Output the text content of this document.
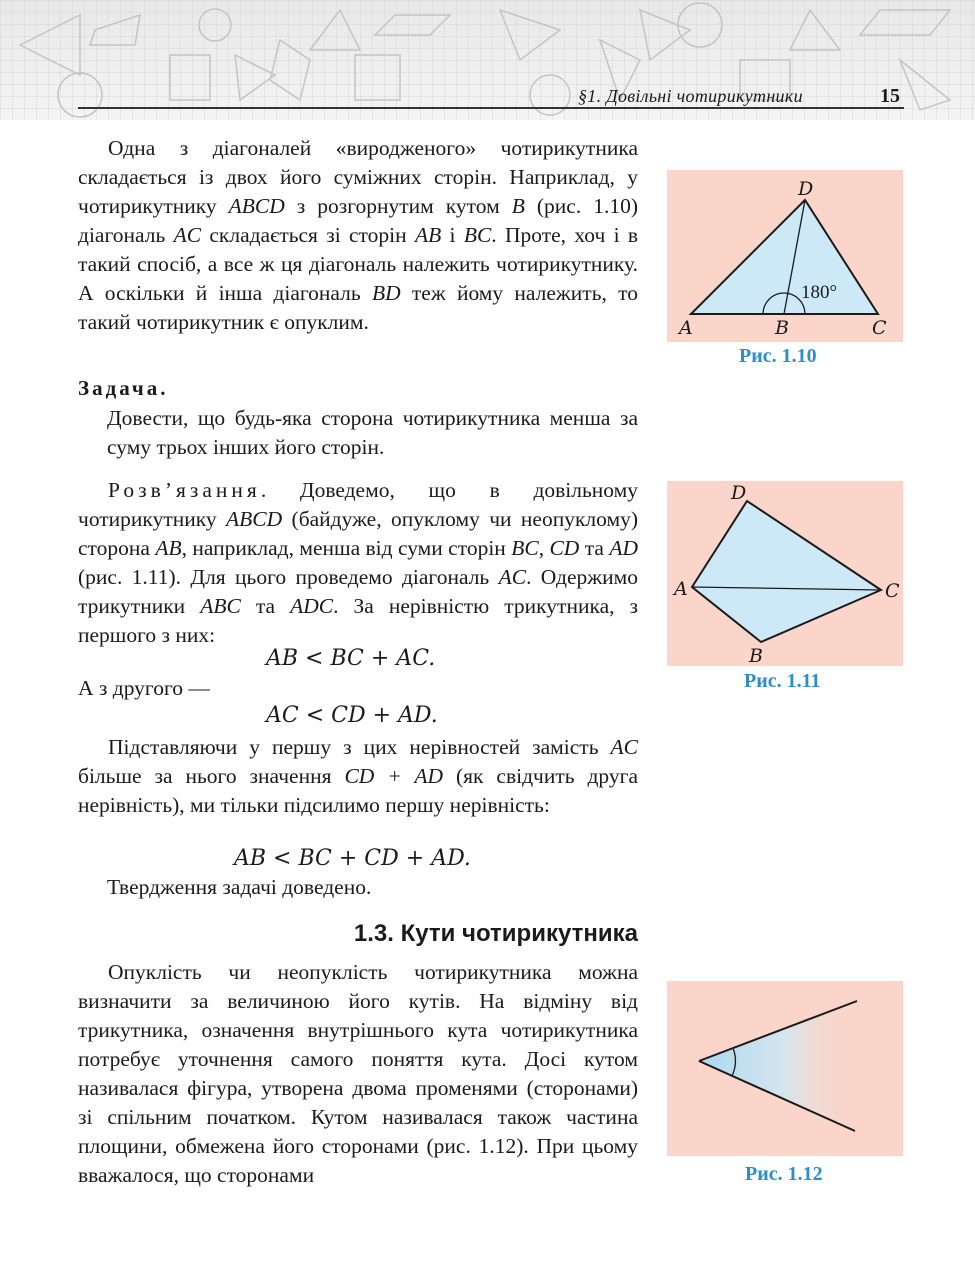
§1. Довільні чотирикутники	15

Одна з діагоналей «виродженого» чотирикутника складається із двох його суміжних сторін. Наприклад, у чотирикутнику ABCD з розгорнутим кутом B (рис. 1.10) діагональ AC складається зі сторін AB і BC. Проте, хоч і в такий спосіб, а все ж ця діагональ належить чотирикутнику. А оскільки й інша діагональ BD теж йому належить, то такий чотирикутник є опуклим.

Задача.
Довести, що будь-яка сторона чотирикутника менша за суму трьох інших його сторін.

Розв’язання. Доведемо, що в довільному чотирикутнику ABCD (байдуже, опуклому чи неопуклому) сторона AB, наприклад, менша від суми сторін BC, CD та AD (рис. 1.11). Для цього проведемо діагональ AC. Одержимо трикутники ABC та ADC. За нерівністю трикутника, з першого з них:

AB < BC + AC.
А з другого —
AC < CD + AD.

Підставляючи у першу з цих нерівностей замість AC більше за нього значення CD + AD (як свідчить друга нерівність), ми тільки підсилимо першу нерівність:

AB < BC + CD + AD.
Твердження задачі доведено.
1.3. Кути чотирикутника

Опуклість чи неопуклість чотирикутника можна визначити за величиною його кутів. На відміну від трикутника, означення внутрішнього кута чотирикутника потребує уточнення самого поняття кута. Досі кутом називалася фігура, утворена двома променями (сторонами) зі спільним початком. Кутом називалася також частина площини, обмежена його сторонами (рис. 1.12). При цьому вважалося, що сторонами

A	B	C
D
180°
Рис. 1.10
A
B
C
D
Рис. 1.11
Рис. 1.12
